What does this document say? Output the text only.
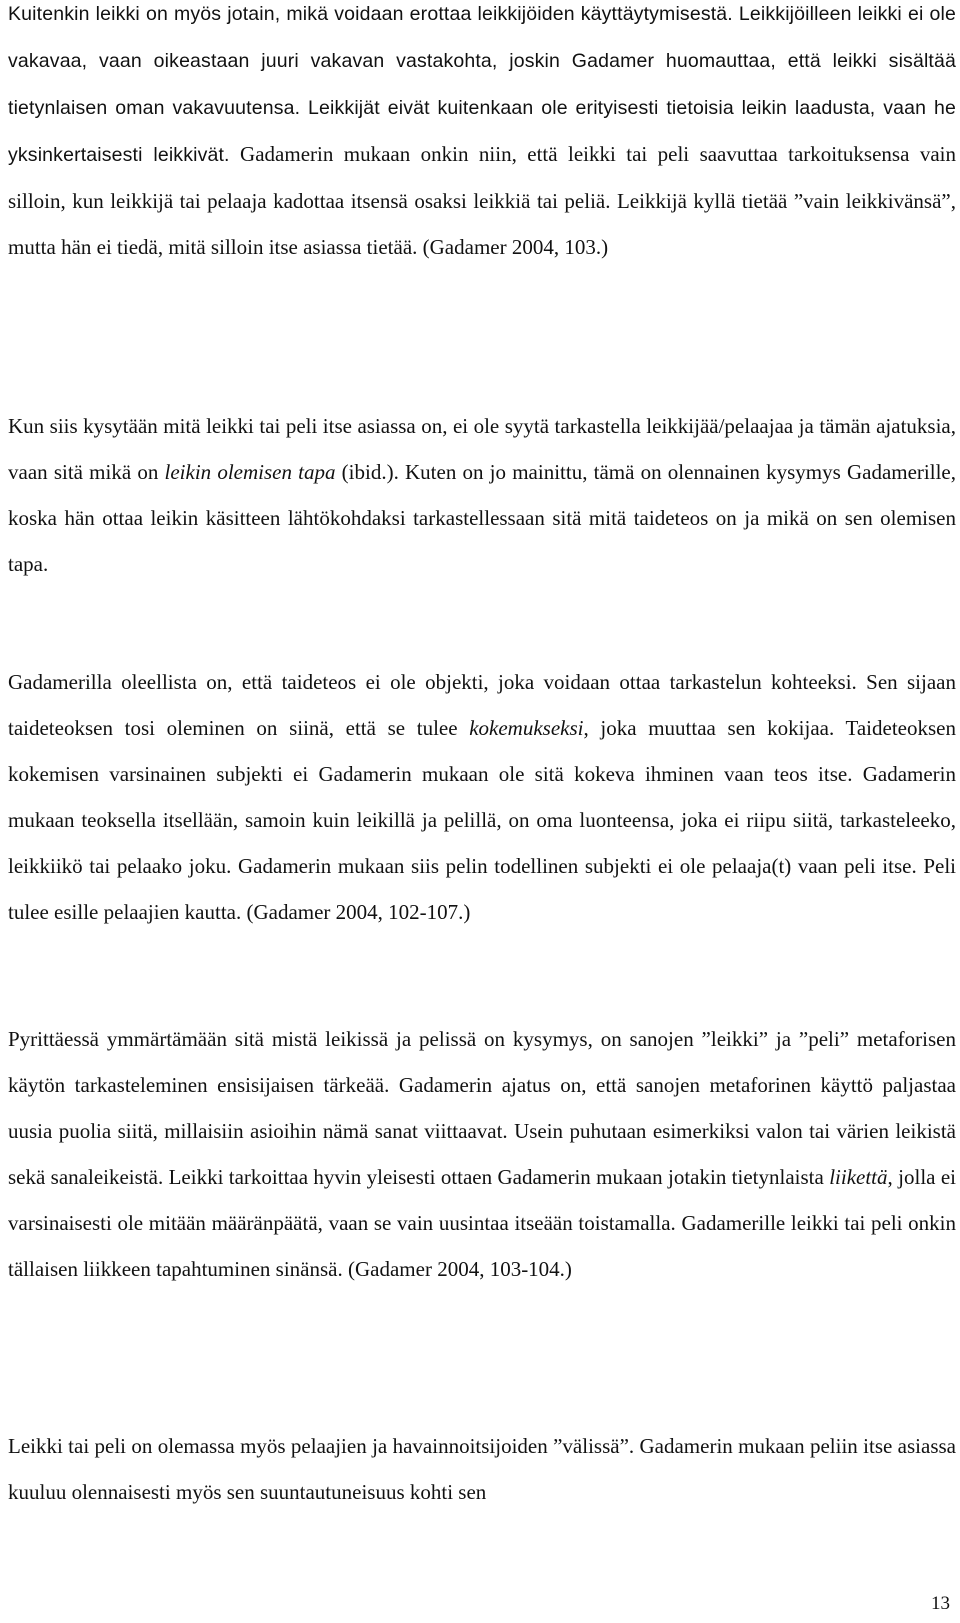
Kuitenkin leikki on myös jotain, mikä voidaan erottaa leikkijöiden käyttäytymisestä. Leikkijöilleen leikki ei ole vakavaa, vaan oikeastaan juuri vakavan vastakohta, joskin Gadamer huomauttaa, että leikki sisältää tietynlaisen oman vakavuutensa. Leikkijät eivät kuitenkaan ole erityisesti tietoisia leikin laadusta, vaan he yksinkertaisesti leikkivät. Gadamerin mukaan onkin niin, että leikki tai peli saavuttaa tarkoituksensa vain silloin, kun leikkijä tai pelaaja kadottaa itsensä osaksi leikkiä tai peliä. Leikkijä kyllä tietää ”vain leikkivänsä”, mutta hän ei tiedä, mitä silloin itse asiassa tietää. (Gadamer 2004, 103.)

Kun siis kysytään mitä leikki tai peli itse asiassa on, ei ole syytä tarkastella leikkijää/pelaajaa ja tämän ajatuksia, vaan sitä mikä on leikin olemisen tapa (ibid.). Kuten on jo mainittu, tämä on olennainen kysymys Gadamerille, koska hän ottaa leikin käsitteen lähtökohdaksi tarkastellessaan sitä mitä taideteos on ja mikä on sen olemisen tapa.

Gadamerilla oleellista on, että taideteos ei ole objekti, joka voidaan ottaa tarkastelun kohteeksi. Sen sijaan taideteoksen tosi oleminen on siinä, että se tulee kokemukseksi, joka muuttaa sen kokijaa. Taideteoksen kokemisen varsinainen subjekti ei Gadamerin mukaan ole sitä kokeva ihminen vaan teos itse. Gadamerin mukaan teoksella itsellään, samoin kuin leikillä ja pelillä, on oma luonteensa, joka ei riipu siitä, tarkasteleeko, leikkiikö tai pelaako joku. Gadamerin mukaan siis pelin todellinen subjekti ei ole pelaaja(t) vaan peli itse. Peli tulee esille pelaajien kautta. (Gadamer 2004, 102-107.)

Pyrittäessä ymmärtämään sitä mistä leikissä ja pelissä on kysymys, on sanojen ”leikki” ja ”peli” metaforisen käytön tarkasteleminen ensisijaisen tärkeää. Gadamerin ajatus on, että sanojen metaforinen käyttö paljastaa uusia puolia siitä, millaisiin asioihin nämä sanat viittaavat. Usein puhutaan esimerkiksi valon tai värien leikistä sekä sanaleikeistä. Leikki tarkoittaa hyvin yleisesti ottaen Gadamerin mukaan jotakin tietynlaista liikettä, jolla ei varsinaisesti ole mitään määränpäätä, vaan se vain uusintaa itseään toistamalla. Gadamerille leikki tai peli onkin tällaisen liikkeen tapahtuminen sinänsä. (Gadamer 2004, 103-104.)

Leikki tai peli on olemassa myös pelaajien ja havainnoitsijoiden ”välissä”. Gadamerin mukaan peliin itse asiassa kuuluu olennaisesti myös sen suuntautuneisuus kohti sen

13
